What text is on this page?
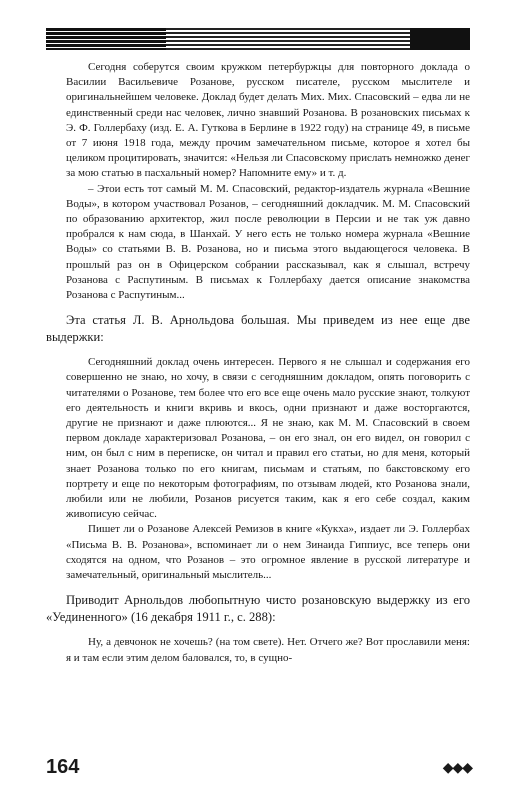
Сегодня соберутся своим кружком петербуржцы для повторного доклада о Василии Васильевиче Розанове, русском писателе, русском мыслителе и оригинальнейшем человеке. Доклад будет делать Мих. Мих. Спасовский – едва ли не единственный среди нас человек, лично знавший Розанова. В розановских письмах к Э. Ф. Голлербаху (изд. Е. А. Гуткова в Берлине в 1922 году) на странице 49, в письме от 7 июня 1918 года, между прочим замечательном письме, которое я хотел бы целиком процитировать, значится: «Нельзя ли Спасовскому прислать немножко денег за мою статью в пасхальный номер? Напомните ему» и т. д.

– Этои есть тот самый М. М. Спасовский, редактор-издатель журнала «Вешние Воды», в котором участвовал Розанов, – сегодняшний докладчик. М. М. Спасовский по образованию архитектор, жил после революции в Персии и не так уж давно пробрался к нам сюда, в Шанхай. У него есть не только номера журнала «Вешние Воды» со статьями В. В. Розанова, но и письма этого выдающегося человека. В прошлый раз он в Офицерском собрании рассказывал, как я слышал, встречу Розанова с Распутиным. В письмах к Голлербаху дается описание знакомства Розанова с Распутиным...

Эта статья Л. В. Арнольдова большая. Мы приведем из нее еще две выдержки:

Сегодняшний доклад очень интересен. Первого я не слышал и содержания его совершенно не знаю, но хочу, в связи с сегодняшним докладом, опять поговорить с читателями о Розанове, тем более что его все еще очень мало русские знают, толкуют его деятельность и книги вкривь и вкось, одни признают и даже восторгаются, другие не признают и даже плюются... Я не знаю, как М. М. Спасовский в своем первом докладе характеризовал Розанова, – он его знал, он его видел, он говорил с ним, он был с ним в переписке, он читал и правил его статьи, но для меня, который знает Розанова только по его книгам, письмам и статьям, по бакстовскому его портрету и еще по некоторым фотографиям, по отзывам людей, кто Розанова знали, любили или не любили, Розанов рисуется таким, как я его себе создал, каким живописую сейчас.

Пишет ли о Розанове Алексей Ремизов в книге «Кукха», издает ли Э. Голлербах «Письма В. В. Розанова», вспоминает ли о нем Зинаида Гиппиус, все теперь они сходятся на одном, что Розанов – это огромное явление в русской литературе и замечательный, оригинальный мыслитель...

Приводит Арнольдов любопытную чисто розановскую выдержку из его «Уединенного» (16 декабря 1911 г., с. 288):

Ну, а девчонок не хочешь? (на том свете). Нет. Отчего же? Вот прославили меня: я и там если этим делом баловался, то, в сущно-

164	◆◆◆
